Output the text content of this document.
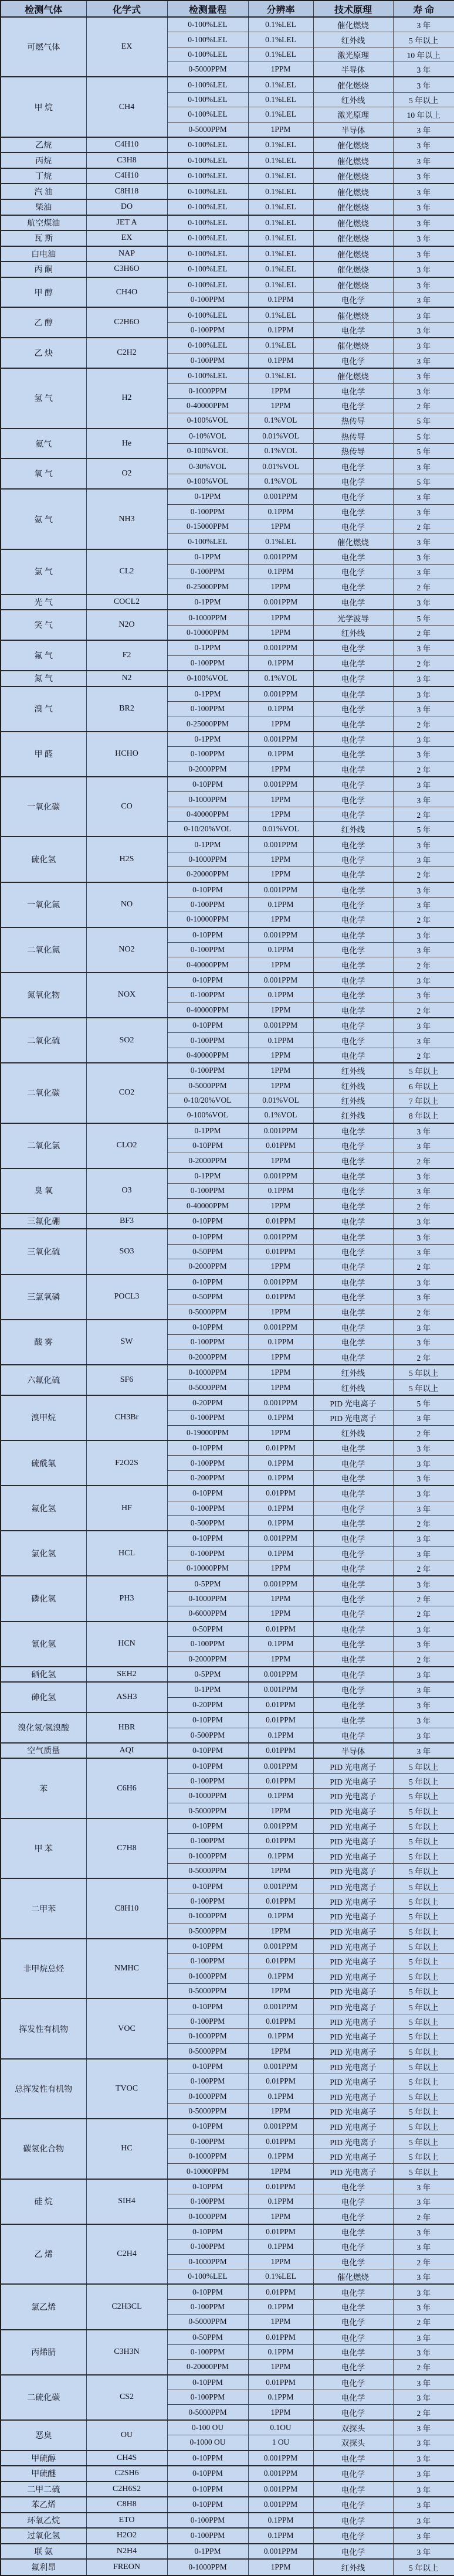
检测气体	化学式	检测量程	分辨率	技术原理	寿 命
可燃气体	EX	0-100%LEL	0.1%LEL	催化燃烧	3 年
		0-100%LEL	0.1%LEL	红外线	5 年以上
		0-100%LEL	0.1%LEL	激光原理	10 年以上
		0-5000PPM	1PPM	半导体	3 年
甲 烷	CH4	0-100%LEL	0.1%LEL	催化燃烧	3 年
		0-100%LEL	0.1%LEL	红外线	5 年以上
		0-100%LEL	0.1%LEL	激光原理	10 年以上
		0-5000PPM	1PPM	半导体	3 年
乙烷	C4H10	0-100%LEL	0.1%LEL	催化燃烧	3 年
丙烷	C3H8	0-100%LEL	0.1%LEL	催化燃烧	3 年
丁烷	C4H10	0-100%LEL	0.1%LEL	催化燃烧	3 年
汽 油	C8H18	0-100%LEL	0.1%LEL	催化燃烧	3 年
柴油	DO	0-100%LEL	0.1%LEL	催化燃烧	3 年
航空煤油	JET A	0-100%LEL	0.1%LEL	催化燃烧	3 年
瓦 斯	EX	0-100%LEL	0.1%LEL	催化燃烧	3 年
白电油	NAP	0-100%LEL	0.1%LEL	催化燃烧	3 年
丙 酮	C3H6O	0-100%LEL	0.1%LEL	催化燃烧	3 年
甲 醇	CH4O	0-100%LEL	0.1%LEL	催化燃烧	3 年
		0-100PPM	0.1PPM	电化学	3 年
乙 醇	C2H6O	0-100%LEL	0.1%LEL	催化燃烧	3 年
		0-100PPM	0.1PPM	电化学	3 年
乙 炔	C2H2	0-100%LEL	0.1%LEL	催化燃烧	3 年
		0-100PPM	0.1PPM	电化学	3 年
氢 气	H2	0-100%LEL	0.1%LEL	催化燃烧	3 年
		0-1000PPM	1PPM	电化学	3 年
		0-40000PPM	1PPM	电化学	2 年
		0-100%VOL	0.1%VOL	热传导	5 年
氦气	He	0-10%VOL	0.01%VOL	热传导	5 年
		0-100%VOL	0.1%VOL	热传导	5 年
氧 气	O2	0-30%VOL	0.01%VOL	电化学	3 年
		0-100%VOL	0.1%VOL	电化学	5 年
氨 气	NH3	0-1PPM	0.001PPM	电化学	3 年
		0-100PPM	0.1PPM	电化学	3 年
		0-15000PPM	1PPM	电化学	2 年
		0-100%LEL	0.1%LEL	催化燃烧	3 年
氯 气	CL2	0-1PPM	0.001PPM	电化学	3 年
		0-100PPM	0.1PPM	电化学	3 年
		0-25000PPM	1PPM	电化学	2 年
光 气	COCL2	0-1PPM	0.001PPM	电化学	3 年
笑 气	N2O	0-1000PPM	1PPM	光学波导	5 年
		0-10000PPM	1PPM	红外线	2 年
氟 气	F2	0-1PPM	0.001PPM	电化学	3 年
		0-100PPM	0.1PPM	电化学	2 年
氮 气	N2	0-100%VOL	0.1%VOL	电化学	3 年
溴 气	BR2	0-1PPM	0.001PPM	电化学	3 年
		0-100PPM	0.1PPM	电化学	3 年
		0-25000PPM	1PPM	电化学	2 年
甲 醛	HCHO	0-1PPM	0.001PPM	电化学	3 年
		0-100PPM	0.1PPM	电化学	3 年
		0-2000PPM	1PPM	电化学	2 年
一氧化碳	CO	0-10PPM	0.001PPM	电化学	3 年
		0-1000PPM	1PPM	电化学	3 年
		0-40000PPM	1PPM	电化学	2 年
		0-10/20%VOL	0.01%VOL	红外线	5 年
硫化氢	H2S	0-1PPM	0.001PPM	电化学	3 年
		0-1000PPM	1PPM	电化学	3 年
		0-20000PPM	1PPM	电化学	2 年
一氧化氮	NO	0-10PPM	0.001PPM	电化学	3 年
		0-100PPM	0.1PPM	电化学	3 年
		0-10000PPM	1PPM	电化学	2 年
二氧化氮	NO2	0-10PPM	0.001PPM	电化学	3 年
		0-100PPM	0.1PPM	电化学	3 年
		0-40000PPM	1PPM	电化学	2 年
氮氧化物	NOX	0-10PPM	0.001PPM	电化学	3 年
		0-100PPM	0.1PPM	电化学	3 年
		0-40000PPM	1PPM	电化学	2 年
二氧化硫	SO2	0-10PPM	0.001PPM	电化学	3 年
		0-100PPM	0.1PPM	电化学	3 年
		0-40000PPM	1PPM	电化学	2 年
二氧化碳	CO2	0-100PPM	1PPM	红外线	5 年以上
		0-5000PPM	1PPM	红外线	6 年以上
		0-10/20%VOL	0.01%VOL	红外线	7 年以上
		0-100%VOL	0.1%VOL	红外线	8 年以上
二氧化氯	CLO2	0-1PPM	0.001PPM	电化学	3 年
		0-10PPM	0.01PPM	电化学	3 年
		0-2000PPM	1PPM	电化学	2 年
臭 氧	O3	0-1PPM	0.001PPM	电化学	3 年
		0-100PPM	0.1PPM	电化学	3 年
		0-40000PPM	1PPM	电化学	2 年
三氟化硼	BF3	0-10PPM	0.01PPM	电化学	3 年
三氧化硫	SO3	0-10PPM	0.001PPM	电化学	3 年
		0-50PPM	0.01PPM	电化学	3 年
		0-2000PPM	1PPM	电化学	2 年
三氯氧磷	POCL3	0-10PPM	0.001PPM	电化学	3 年
		0-50PPM	0.01PPM	电化学	3 年
		0-5000PPM	1PPM	电化学	2 年
酸 雾	SW	0-10PPM	0.001PPM	电化学	3 年
		0-100PPM	0.1PPM	电化学	3 年
		0-2000PPM	1PPM	电化学	2 年
六氟化硫	SF6	0-1000PPM	1PPM	红外线	5 年以上
		0-5000PPM	1PPM	红外线	5 年以上
溴甲烷	CH3Br	0-20PPM	0.001PPM	PID 光电离子	5 年
		0-100PPM	0.1PPM	PID 光电离子	3 年
		0-19000PPM	1PPM	红外线	2 年
硫酰氟	F2O2S	0-10PPM	0.01PPM	电化学	3 年
		0-100PPM	0.1PPM	电化学	3 年
		0-200PPM	0.1PPM	电化学	3 年
氟化氢	HF	0-10PPM	0.01PPM	电化学	3 年
		0-100PPM	0.1PPM	电化学	3 年
		0-500PPM	0.1PPM	电化学	2 年
氯化氢	HCL	0-10PPM	0.001PPM	电化学	3 年
		0-100PPM	0.1PPM	电化学	3 年
		0-10000PPM	1PPM	电化学	2 年
磷化氢	PH3	0-5PPM	0.001PPM	电化学	3 年
		0-1000PPM	1PPM	电化学	2 年
		0-6000PPM	1PPM	电化学	2 年
氰化氢	HCN	0-50PPM	0.01PPM	电化学	3 年
		0-100PPM	0.1PPM	电化学	3 年
		0-2000PPM	1PPM	电化学	2 年
硒化氢	SEH2	0-5PPM	0.001PPM	电化学	3 年
砷化氢	ASH3	0-1PPM	0.001PPM	电化学	3 年
		0-20PPM	0.01PPM	电化学	3 年
溴化氢/氢溴酸	HBR	0-10PPM	0.01PPM	电化学	3 年
		0-500PPM	0.1PPM	电化学	3 年
空气质量	AQI	0-10PPM	0.01PPM	半导体	3 年
苯	C6H6	0-10PPM	0.001PPM	PID 光电离子	5 年以上
		0-100PPM	0.01PPM	PID 光电离子	5 年以上
		0-1000PPM	0.1PPM	PID 光电离子	5 年以上
		0-5000PPM	1PPM	PID 光电离子	5 年以上
甲 苯	C7H8	0-10PPM	0.001PPM	PID 光电离子	5 年以上
		0-100PPM	0.01PPM	PID 光电离子	5 年以上
		0-1000PPM	0.1PPM	PID 光电离子	5 年以上
		0-5000PPM	1PPM	PID 光电离子	5 年以上
二甲苯	C8H10	0-10PPM	0.001PPM	PID 光电离子	5 年以上
		0-100PPM	0.01PPM	PID 光电离子	5 年以上
		0-1000PPM	0.1PPM	PID 光电离子	5 年以上
		0-5000PPM	1PPM	PID 光电离子	5 年以上
非甲烷总烃	NMHC	0-10PPM	0.001PPM	PID 光电离子	5 年以上
		0-100PPM	0.01PPM	PID 光电离子	5 年以上
		0-1000PPM	0.1PPM	PID 光电离子	5 年以上
		0-5000PPM	1PPM	PID 光电离子	5 年以上
挥发性有机物	VOC	0-10PPM	0.001PPM	PID 光电离子	5 年以上
		0-100PPM	0.01PPM	PID 光电离子	5 年以上
		0-1000PPM	0.1PPM	PID 光电离子	5 年以上
		0-5000PPM	1PPM	PID 光电离子	5 年以上
总挥发性有机物	TVOC	0-10PPM	0.001PPM	PID 光电离子	5 年以上
		0-100PPM	0.01PPM	PID 光电离子	5 年以上
		0-1000PPM	0.1PPM	PID 光电离子	5 年以上
		0-5000PPM	1PPM	PID 光电离子	5 年以上
碳氢化合物	HC	0-10PPM	0.001PPM	PID 光电离子	5 年以上
		0-100PPM	0.01PPM	PID 光电离子	5 年以上
		0-1000PPM	0.1PPM	PID 光电离子	5 年以上
		0-10000PPM	1PPM	PID 光电离子	5 年以上
硅 烷	SIH4	0-10PPM	0.01PPM	电化学	3 年
		0-100PPM	0.1PPM	电化学	3 年
		0-1000PPM	1PPM	电化学	2 年
乙 烯	C2H4	0-10PPM	0.01PPM	电化学	3 年
		0-100PPM	0.1PPM	电化学	3 年
		0-1000PPM	1PPM	电化学	2 年
		0-100%LEL	0.1%LEL	催化燃烧	3 年
氯乙烯	C2H3CL	0-10PPM	0.01PPM	电化学	3 年
		0-100PPM	0.1PPM	电化学	3 年
		0-5000PPM	1PPM	电化学	2 年
丙烯腈	C3H3N	0-50PPM	0.01PPM	电化学	3 年
		0-100PPM	0.1PPM	电化学	3 年
		0-20000PPM	1PPM	电化学	2 年
二硫化碳	CS2	0-10PPM	0.01PPM	电化学	3 年
		0-100PPM	0.1PPM	电化学	3 年
		0-5000PPM	1PPM	电化学	2 年
恶臭	OU	0-100 OU	0.1OU	双探头	3 年
		0-1000 OU	1 OU	双探头	3 年
甲硫醇	CH4S	0-10PPM	0.001PPM	电化学	3 年
甲硫醚	C2SH6	0-10PPM	0.001PPM	电化学	3 年
二甲二硫	C2H6S2	0-10PPM	0.001PPM	电化学	3 年
苯乙烯	C8H8	0-10PPM	0.001PPM	电化学	3 年
环氧乙烷	ETO	0-100PPM	0.1PPM	电化学	3 年
过氧化氢	H2O2	0-100PPM	0.1PPM	电化学	3 年
联 氨	N2H4	0-1PPM	0.001PPM	电化学	3 年
氟利昂	FREON	0-1000PPM	1PPM	红外线	5 年以上
